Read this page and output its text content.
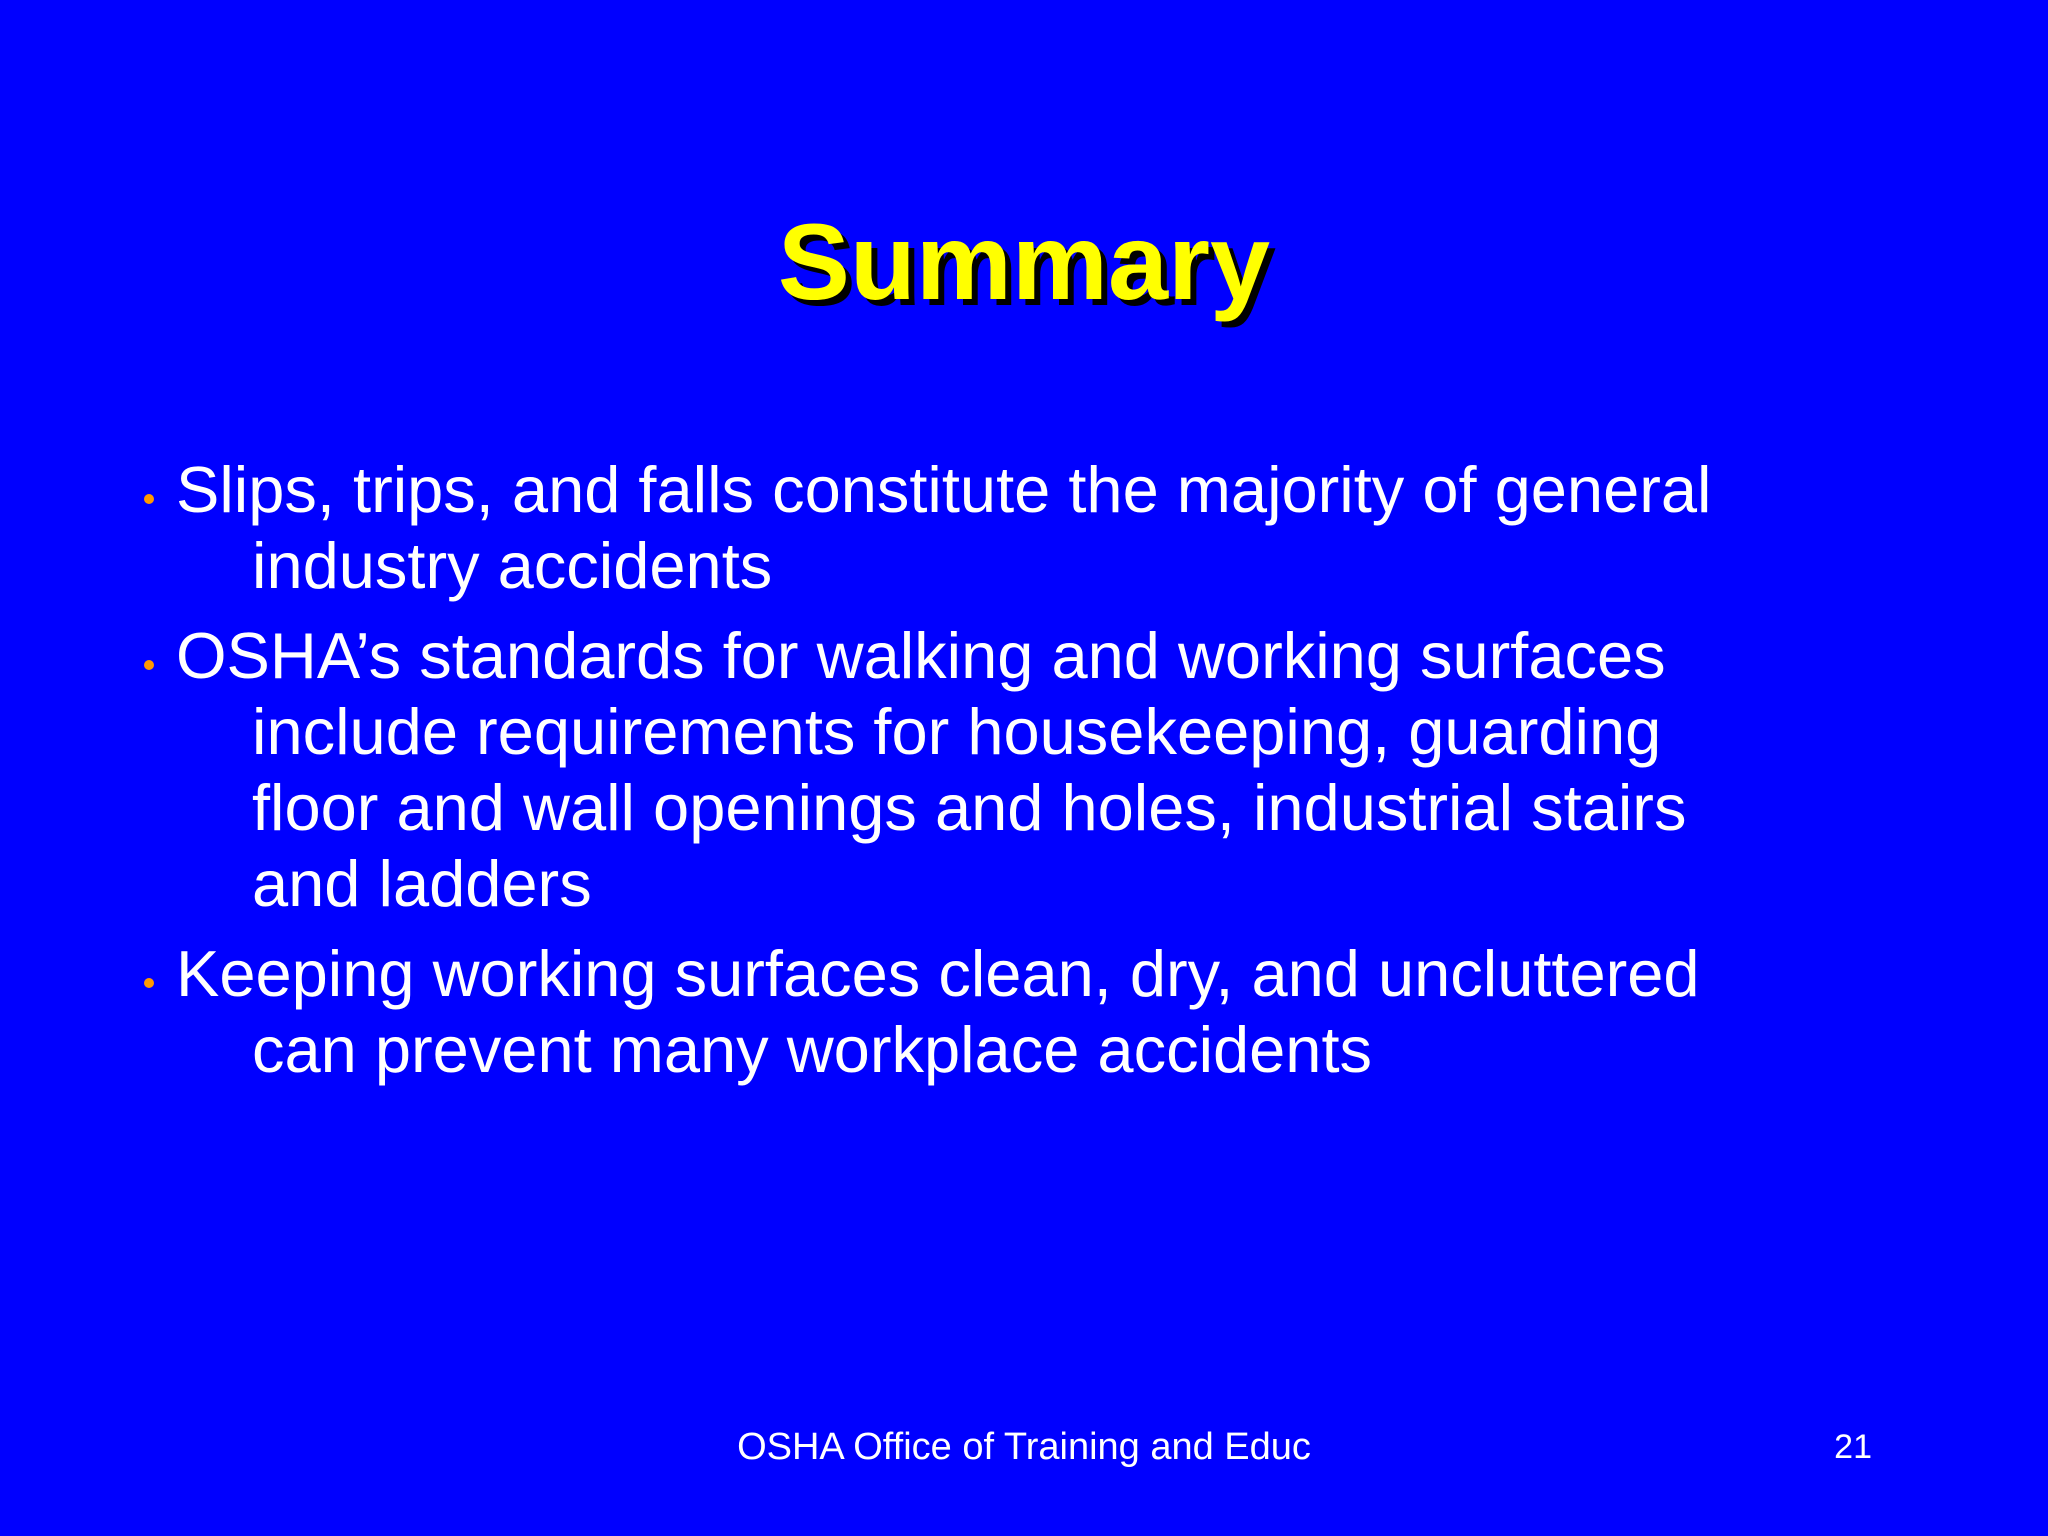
Summary
Slips, trips, and falls constitute the majority of general
industry accidents
OSHA’s standards for walking and working surfaces
include requirements for housekeeping, guarding
floor and wall openings and holes, industrial stairs
and ladders
Keeping working surfaces clean, dry, and uncluttered
can prevent many workplace accidents
OSHA Office of Training and Educ	21
